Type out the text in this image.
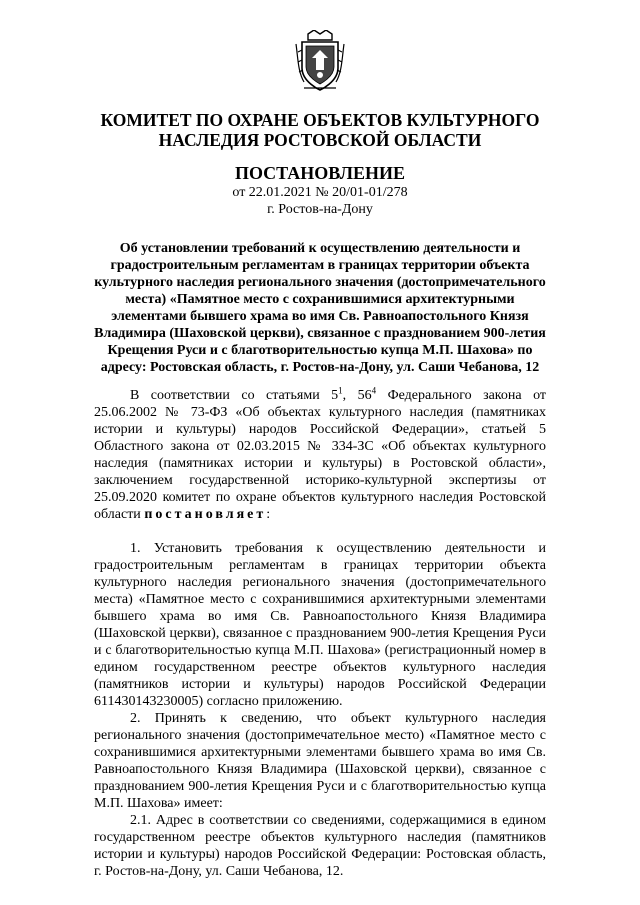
КОМИТЕТ ПО ОХРАНЕ ОБЪЕКТОВ КУЛЬТУРНОГО
НАСЛЕДИЯ РОСТОВСКОЙ ОБЛАСТИ
ПОСТАНОВЛЕНИЕ
от 22.01.2021 № 20/01-01/278
г. Ростов-на-Дону
Об установлении требований к осуществлению деятельности и градостроительным регламентам в границах территории объекта культурного наследия регионального значения (достопримечательного места) «Памятное место с сохранившимися архитектурными элементами бывшего храма во имя Св. Равноапостольного Князя Владимира (Шаховской церкви), связанное с празднованием 900-летия Крещения Руси и с благотворительностью купца М.П. Шахова» по адресу: Ростовская область, г. Ростов-на-Дону, ул. Саши Чебанова, 12

В соответствии со статьями $5^1$, $56^4$ Федерального закона от 25.06.2002 № 73-ФЗ «Об объектах культурного наследия (памятниках истории и культуры) народов Российской Федерации», статьей 5 Областного закона от 02.03.2015 № 334-ЗС «Об объектах культурного наследия (памятниках истории и культуры) в Ростовской области», заключением государственной историко-культурной экспертизы от 25.09.2020 комитет по охране объектов культурного наследия Ростовской области постановляет:

1. Установить требования к осуществлению деятельности и градостроительным регламентам в границах территории объекта культурного наследия регионального значения (достопримечательного места) «Памятное место с сохранившимися архитектурными элементами бывшего храма во имя Св. Равноапостольного Князя Владимира (Шаховской церкви), связанное с празднованием 900-летия Крещения Руси и с благотворительностью купца М.П. Шахова» (регистрационный номер в едином государственном реестре объектов культурного наследия (памятников истории и культуры) народов Российской Федерации 611430143230005) согласно приложению.

2. Принять к сведению, что объект культурного наследия регионального значения (достопримечательное место) «Памятное место с сохранившимися архитектурными элементами бывшего храма во имя Св. Равноапостольного Князя Владимира (Шаховской церкви), связанное с празднованием 900-летия Крещения Руси и с благотворительностью купца М.П. Шахова» имеет:

2.1. Адрес в соответствии со сведениями, содержащимися в едином государственном реестре объектов культурного наследия (памятников истории и культуры) народов Российской Федерации: Ростовская область, г. Ростов-на-Дону, ул. Саши Чебанова, 12.
